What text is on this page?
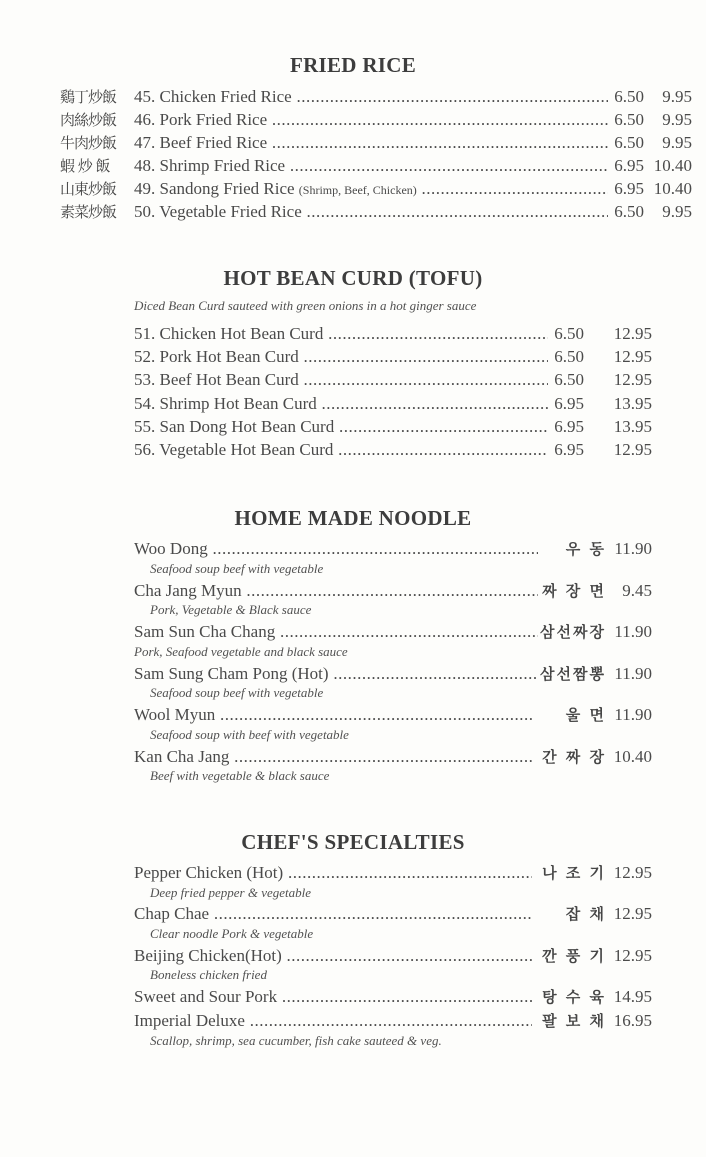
FRIED RICE
鷄丁炒飯	45. Chicken Fried Rice .....	6.50	9.95
肉絲炒飯	46. Pork Fried Rice .....	6.50	9.95
牛肉炒飯	47. Beef Fried Rice .....	6.50	9.95
蝦 炒 飯	48. Shrimp Fried Rice .....	6.95 10.40
山東炒飯	49. Sandong Fried Rice (Shrimp, Beef, Chicken) .....	6.95 10.40
素菜炒飯	50. Vegetable Fried Rice .....	6.50	9.95
HOT BEAN CURD (TOFU)
Diced Bean Curd sauteed with green onions in a hot ginger sauce
51. Chicken Hot Bean Curd .....	6.50	12.95
52. Pork Hot Bean Curd .....	6.50	12.95
53. Beef Hot Bean Curd .....	6.50	12.95
54. Shrimp Hot Bean Curd .....	6.95	13.95
55. San Dong Hot Bean Curd .....	6.95	13.95
56. Vegetable Hot Bean Curd .....	6.95	12.95
HOME MADE NOODLE
Woo Dong .....	우 동 11.90
Seafood soup beef with vegetable
Cha Jang Myun .....	짜 장 면 9.45
Pork, Vegetable & Black sauce
Sam Sun Cha Chang .....	삼선짜장 11.90
Pork, Seafood vegetable and black sauce
Sam Sung Cham Pong (Hot) .....	삼선짬뽕 11.90
Seafood soup beef with vegetable
Wool Myun .....	울 면 11.90
Seafood soup with beef with vegetable
Kan Cha Jang .....	간 짜 장 10.40
Beef with vegetable & black sauce
CHEF'S SPECIALTIES
Pepper Chicken (Hot) .....	나 조 기 12.95
Deep fried pepper & vegetable
Chap Chae .....	잡 채 12.95
Clear noodle Pork & vegetable
Beijing Chicken(Hot) .....	깐 풍 기 12.95
Boneless chicken fried
Sweet and Sour Pork .....	탕 수 육 14.95
Imperial Deluxe .....	팔 보 채 16.95
Scallop, shrimp, sea cucumber, fish cake sauteed & veg.
